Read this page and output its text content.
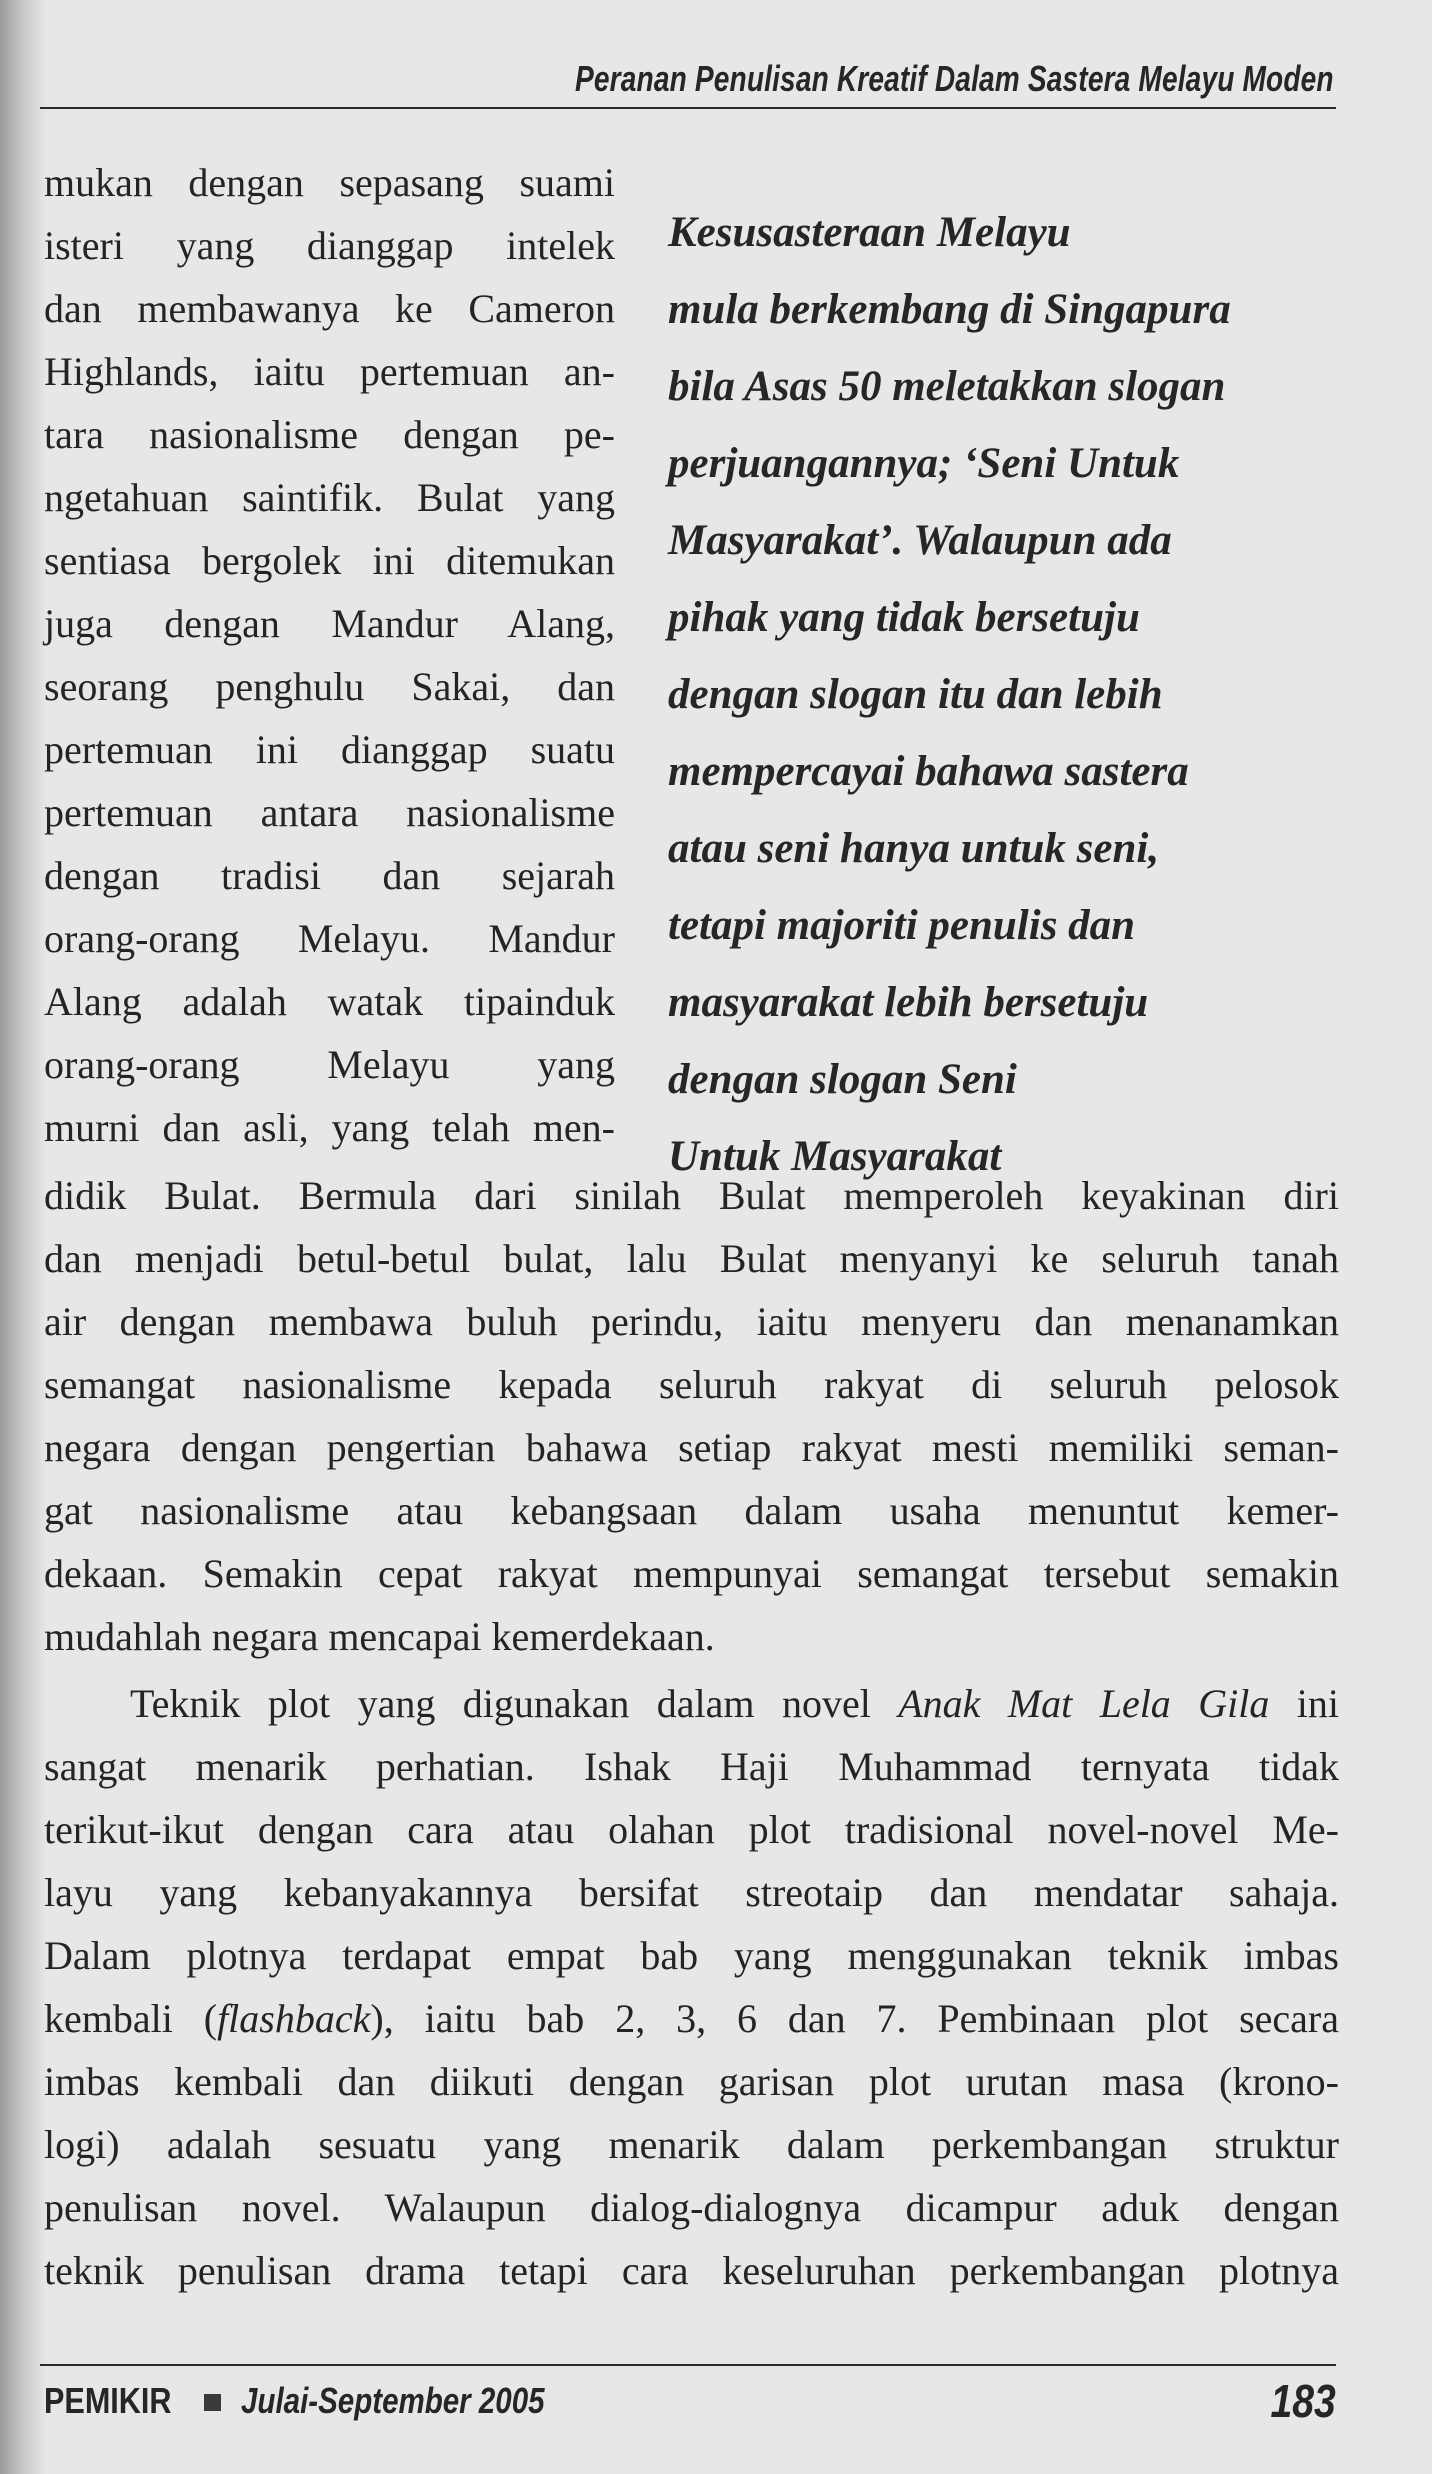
Peranan Penulisan Kreatif Dalam Sastera Melayu Moden

mukan dengan sepasang suami

isteri yang dianggap intelek

dan membawanya ke Cameron

Highlands, iaitu pertemuan an-

tara nasionalisme dengan pe-

ngetahuan saintifik. Bulat yang

sentiasa bergolek ini ditemukan

juga dengan Mandur Alang,

seorang penghulu Sakai, dan

pertemuan ini dianggap suatu

pertemuan antara nasionalisme

dengan tradisi dan sejarah

orang-orang Melayu. Mandur

Alang adalah watak tipainduk

orang-orang Melayu yang

murni dan asli, yang telah men-

Kesusasteraan Melayu

mula berkembang di Singapura

bila Asas 50 meletakkan slogan

perjuangannya; ‘Seni Untuk

Masyarakat’. Walaupun ada

pihak yang tidak bersetuju

dengan slogan itu dan lebih

mempercayai bahawa sastera

atau seni hanya untuk seni,

tetapi majoriti penulis dan

masyarakat lebih bersetuju

dengan slogan Seni

Untuk Masyarakat

didik Bulat. Bermula dari sinilah Bulat memperoleh keyakinan diri

dan menjadi betul-betul bulat, lalu Bulat menyanyi ke seluruh tanah

air dengan membawa buluh perindu, iaitu menyeru dan menanamkan

semangat nasionalisme kepada seluruh rakyat di seluruh pelosok

negara dengan pengertian bahawa setiap rakyat mesti memiliki seman-

gat nasionalisme atau kebangsaan dalam usaha menuntut kemer-

dekaan. Semakin cepat rakyat mempunyai semangat tersebut semakin

mudahlah negara mencapai kemerdekaan.

Teknik plot yang digunakan dalam novel Anak Mat Lela Gila ini

sangat menarik perhatian. Ishak Haji Muhammad ternyata tidak

terikut-ikut dengan cara atau olahan plot tradisional novel-novel Me-

layu yang kebanyakannya bersifat streotaip dan mendatar sahaja.

Dalam plotnya terdapat empat bab yang menggunakan teknik imbas

kembali (flashback), iaitu bab 2, 3, 6 dan 7. Pembinaan plot secara

imbas kembali dan diikuti dengan garisan plot urutan masa (krono-

logi) adalah sesuatu yang menarik dalam perkembangan struktur

penulisan novel. Walaupun dialog-dialognya dicampur aduk dengan

teknik penulisan drama tetapi cara keseluruhan perkembangan plotnya

PEMIKIR Julai-September 2005	183
